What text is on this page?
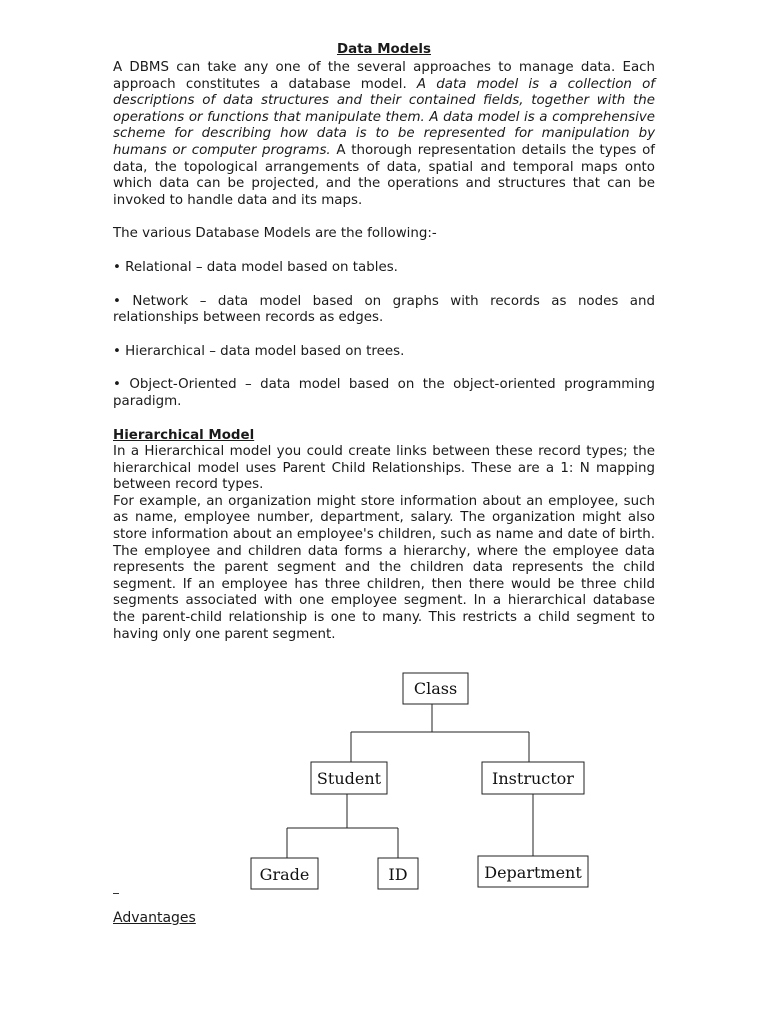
Data Models

A DBMS can take any one of the several approaches to manage data. Each approach constitutes a database model. A data model is a collection of descriptions of data structures and their contained fields, together with the operations or functions that manipulate them. A data model is a comprehensive scheme for describing how data is to be represented for manipulation by humans or computer programs. A thorough representation details the types of data, the topological arrangements of data, spatial and temporal maps onto which data can be projected, and the operations and structures that can be invoked to handle data and its maps.

The various Database Models are the following:-

• Relational – data model based on tables.

• Network – data model based on graphs with records as nodes and relationships between records as edges.

• Hierarchical – data model based on trees.

• Object-Oriented – data model based on the object-oriented programming paradigm.

Hierarchical Model

In a Hierarchical model you could create links between these record types; the hierarchical model uses Parent Child Relationships. These are a 1: N mapping between record types.

For example, an organization might store information about an employee, such as name, employee number, department, salary. The organization might also store information about an employee's children, such as name and date of birth. The employee and children data forms a hierarchy, where the employee data represents the parent segment and the children data represents the child segment. If an employee has three children, then there would be three child segments associated with one employee segment. In a hierarchical database the parent-child relationship is one to many. This restricts a child segment to having only one parent segment.

Class
Student	Instructor
Grade	ID	Department

Advantages
